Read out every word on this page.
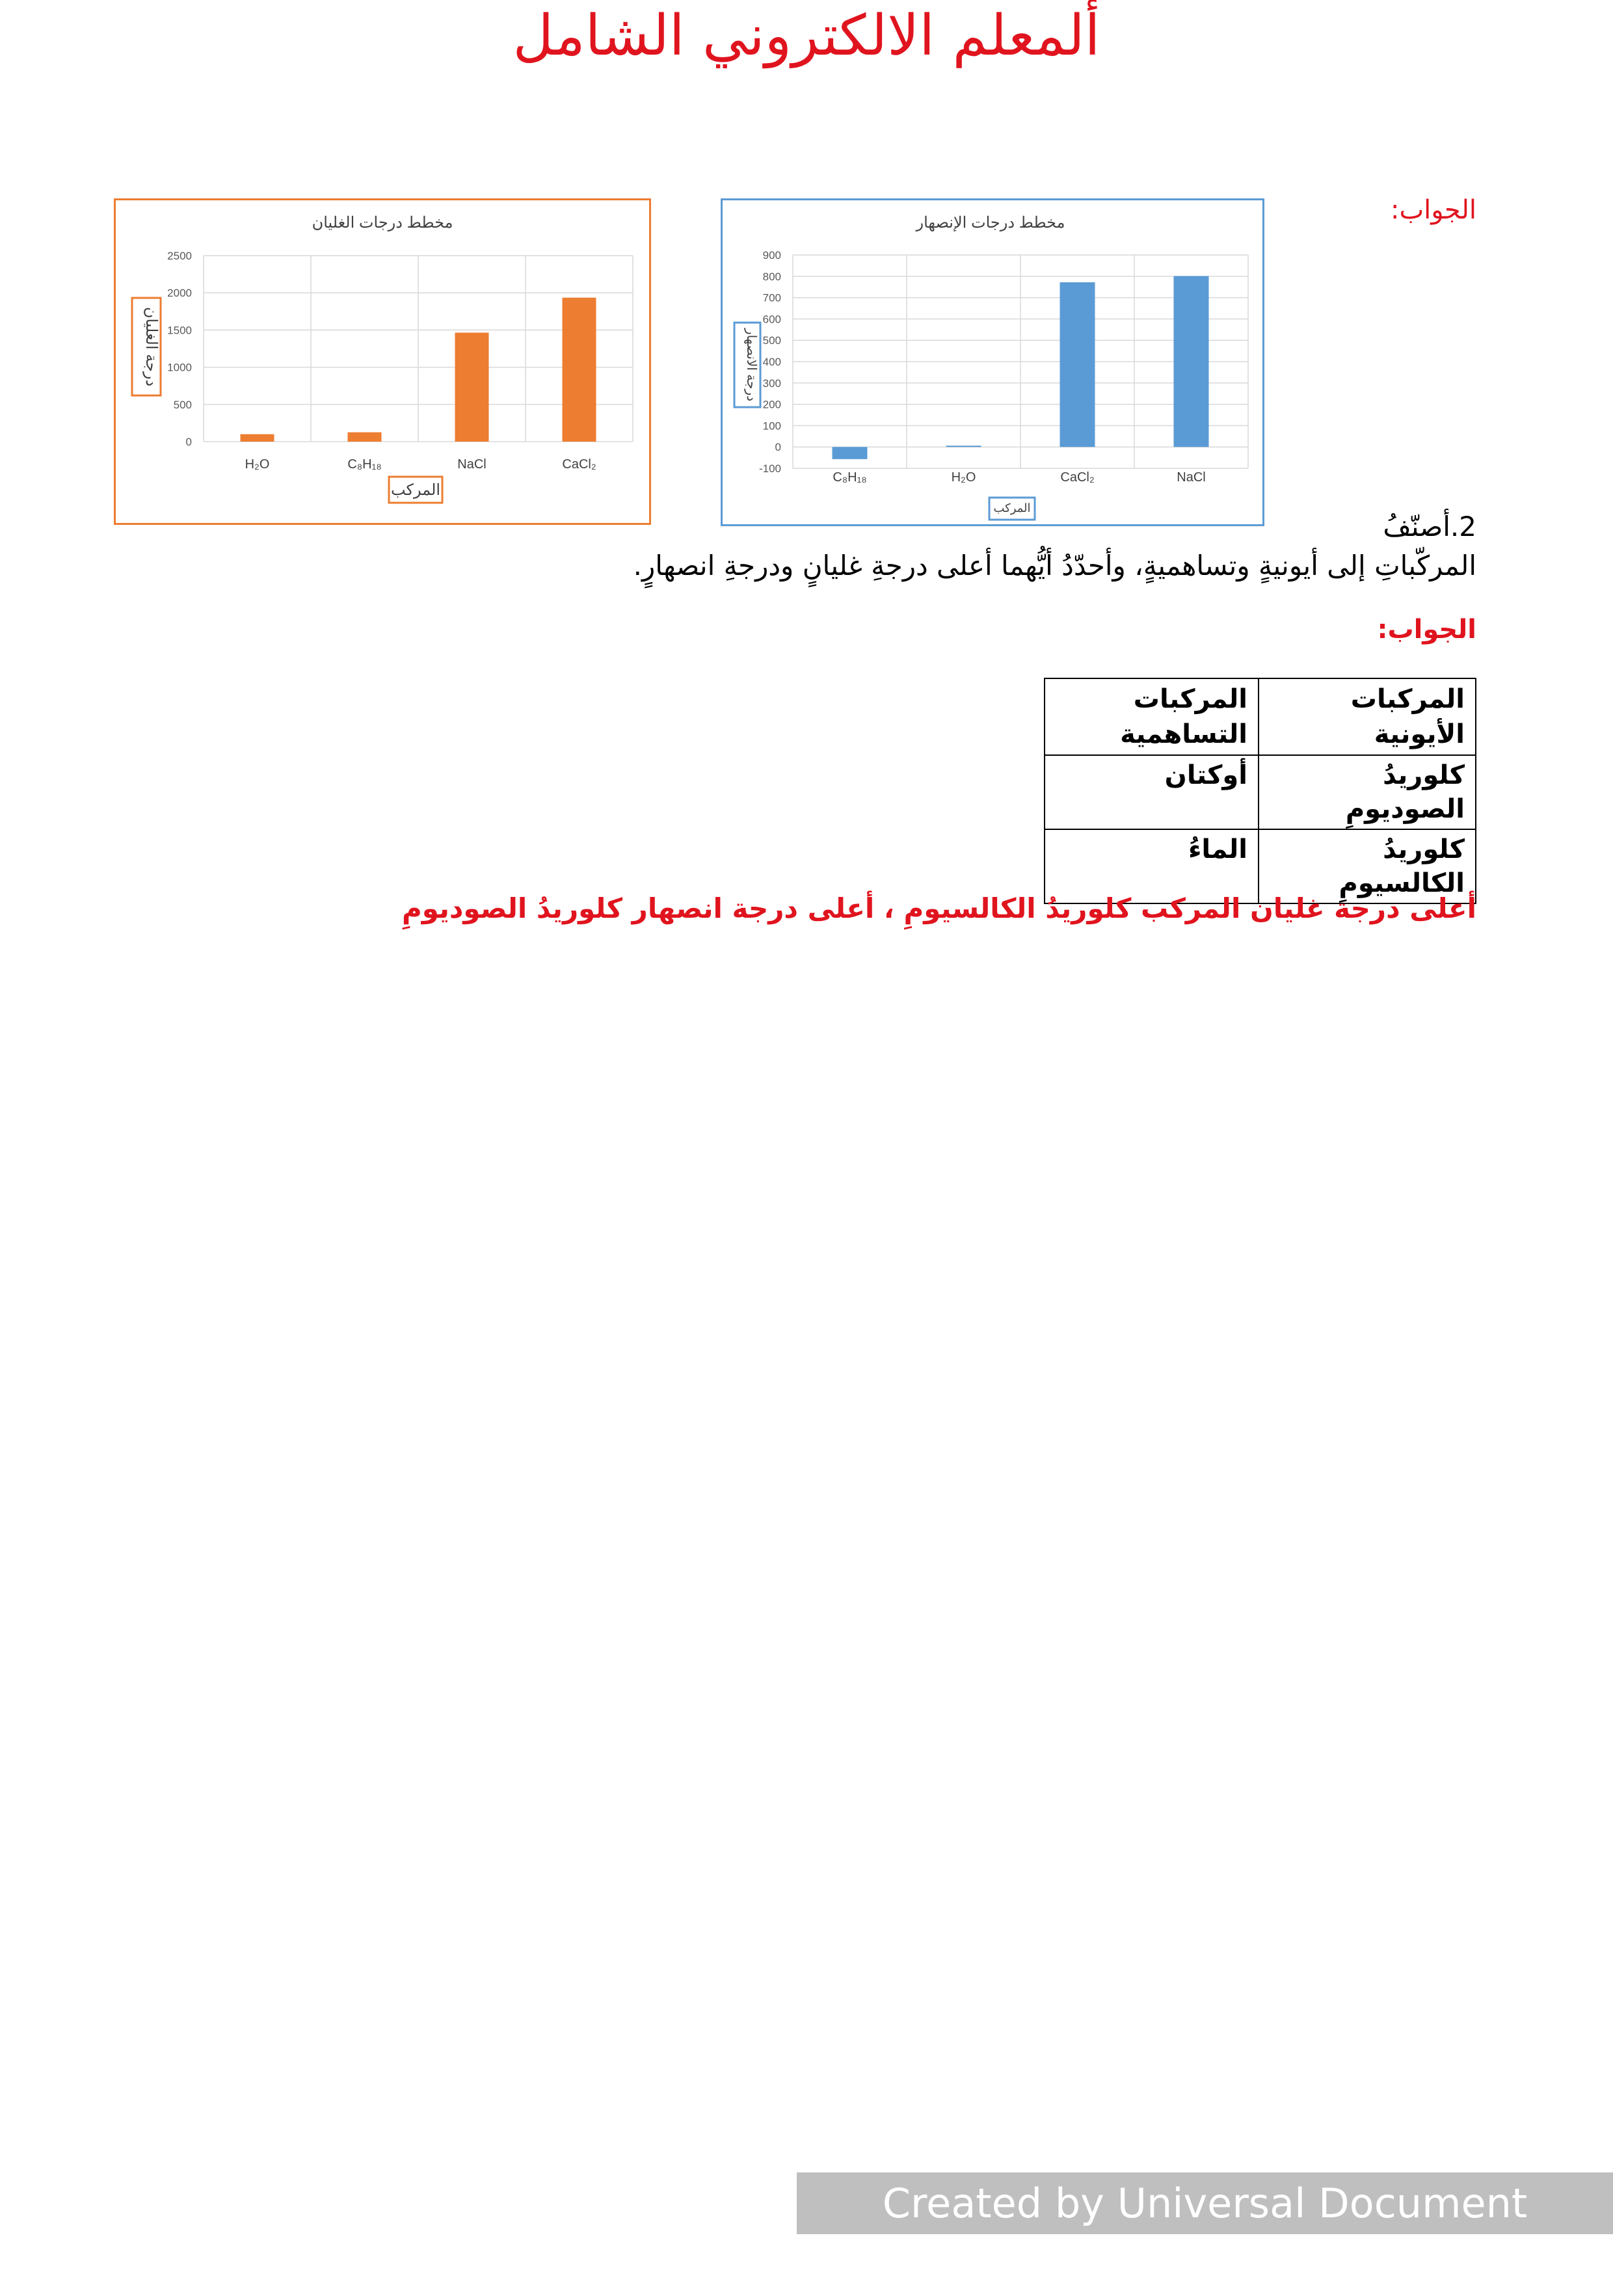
ألمعلم الالكتروني الشامل
الجواب:
مخطط درجات الغليان
0
500
1000
1500
2000
2500
H₂O	C₈H₁₈	NaCl	CaCl₂
المركب
درجة الغليان
مخطط درجات الإنصهار
-100
0
100
200
300
400
500
600
700
800
900
C₈H₁₈	H₂O	CaCl₂	NaCl
المركب
درجة الانصهار
2.أصنّفُ
المركّباتِ إلى أيونيةٍ وتساهميةٍ، وأحدّدُ أيُّهما أعلى درجةِ غليانٍ ودرجةِ انصهارٍ.
الجواب:
المركبات الأيونية	المركبات التساهمية
كلوريدُ الصوديومِ	أوكتان
كلوريدُ الكالسيومِ	الماءُ
أعلى درجة غليان المركب كلوريدُ الكالسيومِ ، أعلى درجة انصهار كلوريدُ الصوديومِ
Created by Universal Document Converter
